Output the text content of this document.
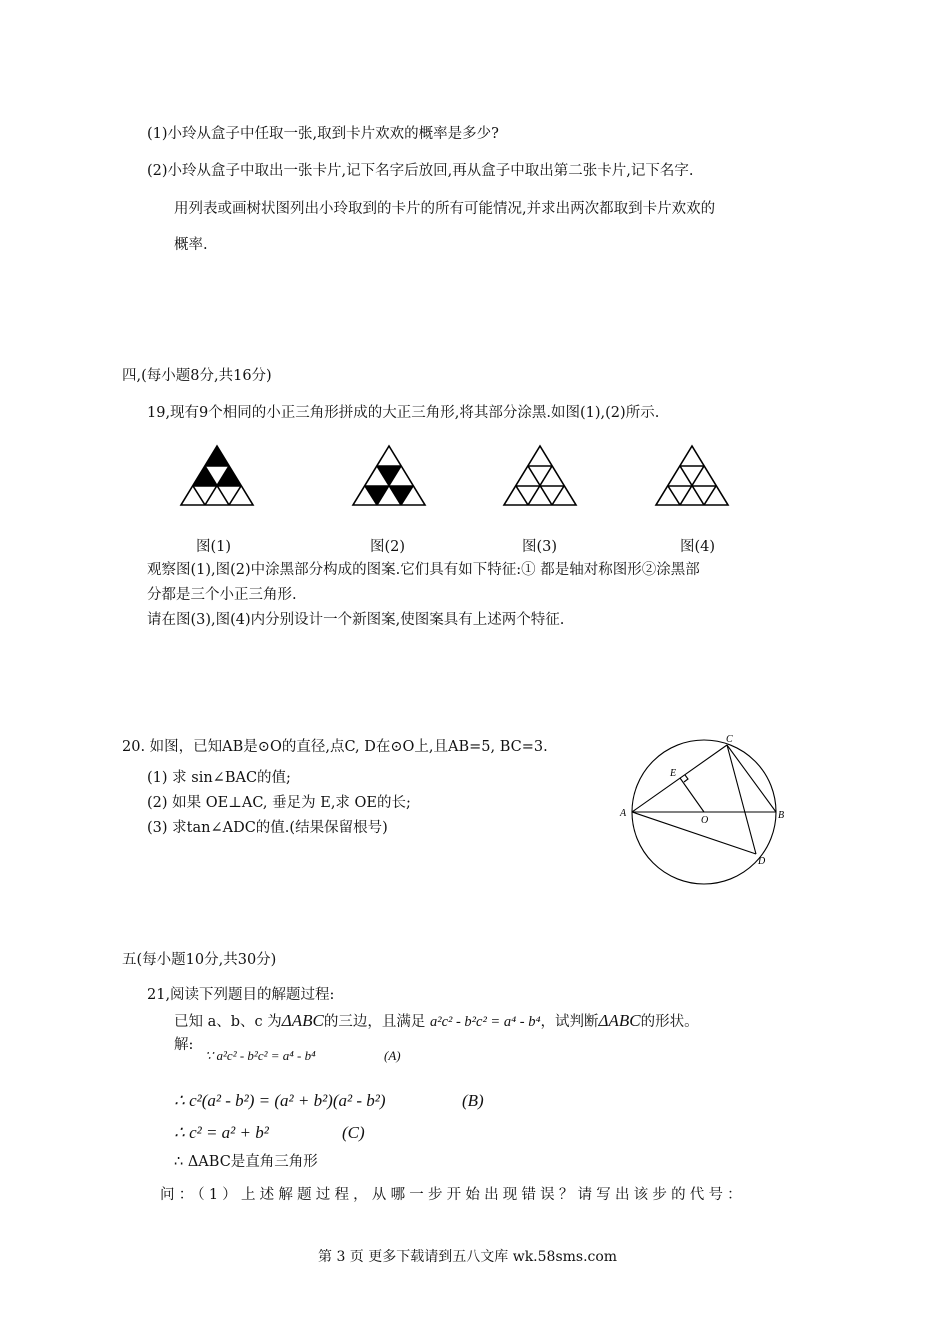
(1)小玲从盒子中任取一张,取到卡片欢欢的概率是多少?
(2)小玲从盒子中取出一张卡片,记下名字后放回,再从盒子中取出第二张卡片,记下名字.
用列表或画树状图列出小玲取到的卡片的所有可能情况,并求出两次都取到卡片欢欢的
概率.
四,(每小题8分,共16分)
19,现有9个相同的小正三角形拼成的大正三角形,将其部分涂黑.如图(1),(2)所示.
图(1)	图(2)	图(3)	图(4)
观察图(1),图(2)中涂黑部分构成的图案.它们具有如下特征:① 都是轴对称图形②涂黑部
分都是三个小正三角形.
请在图(3),图(4)内分别设计一个新图案,使图案具有上述两个特征.
20. 如图，已知AB是⊙O的直径,点C, D在⊙O上,且AB=5, BC=3.
(1) 求 sin∠BAC的值;
(2) 如果 OE⊥AC, 垂足为 E,求 OE的长;
(3) 求tan∠ADC的值.(结果保留根号)
A	B
C
D
E
O
五(每小题10分,共30分)
21,阅读下列题目的解题过程:
已知 a、b、c 为ΔABC的三边，且满足 a²c² - b²c² = a⁴ - b⁴，试判断ΔABC的形状。
解:
∵ a²c² - b²c² = a⁴ - b⁴	(A)
∴ c²(a² - b²) = (a² + b²)(a² - b²)	(B)
∴ c² = a² + b²	(C)
∴ ΔABC是直角三角形
问：（1）上述解题过程，从哪一步开始出现错误？请写出该步的代号：
第 3 页 更多下载请到五八文库 wk.58sms.com
